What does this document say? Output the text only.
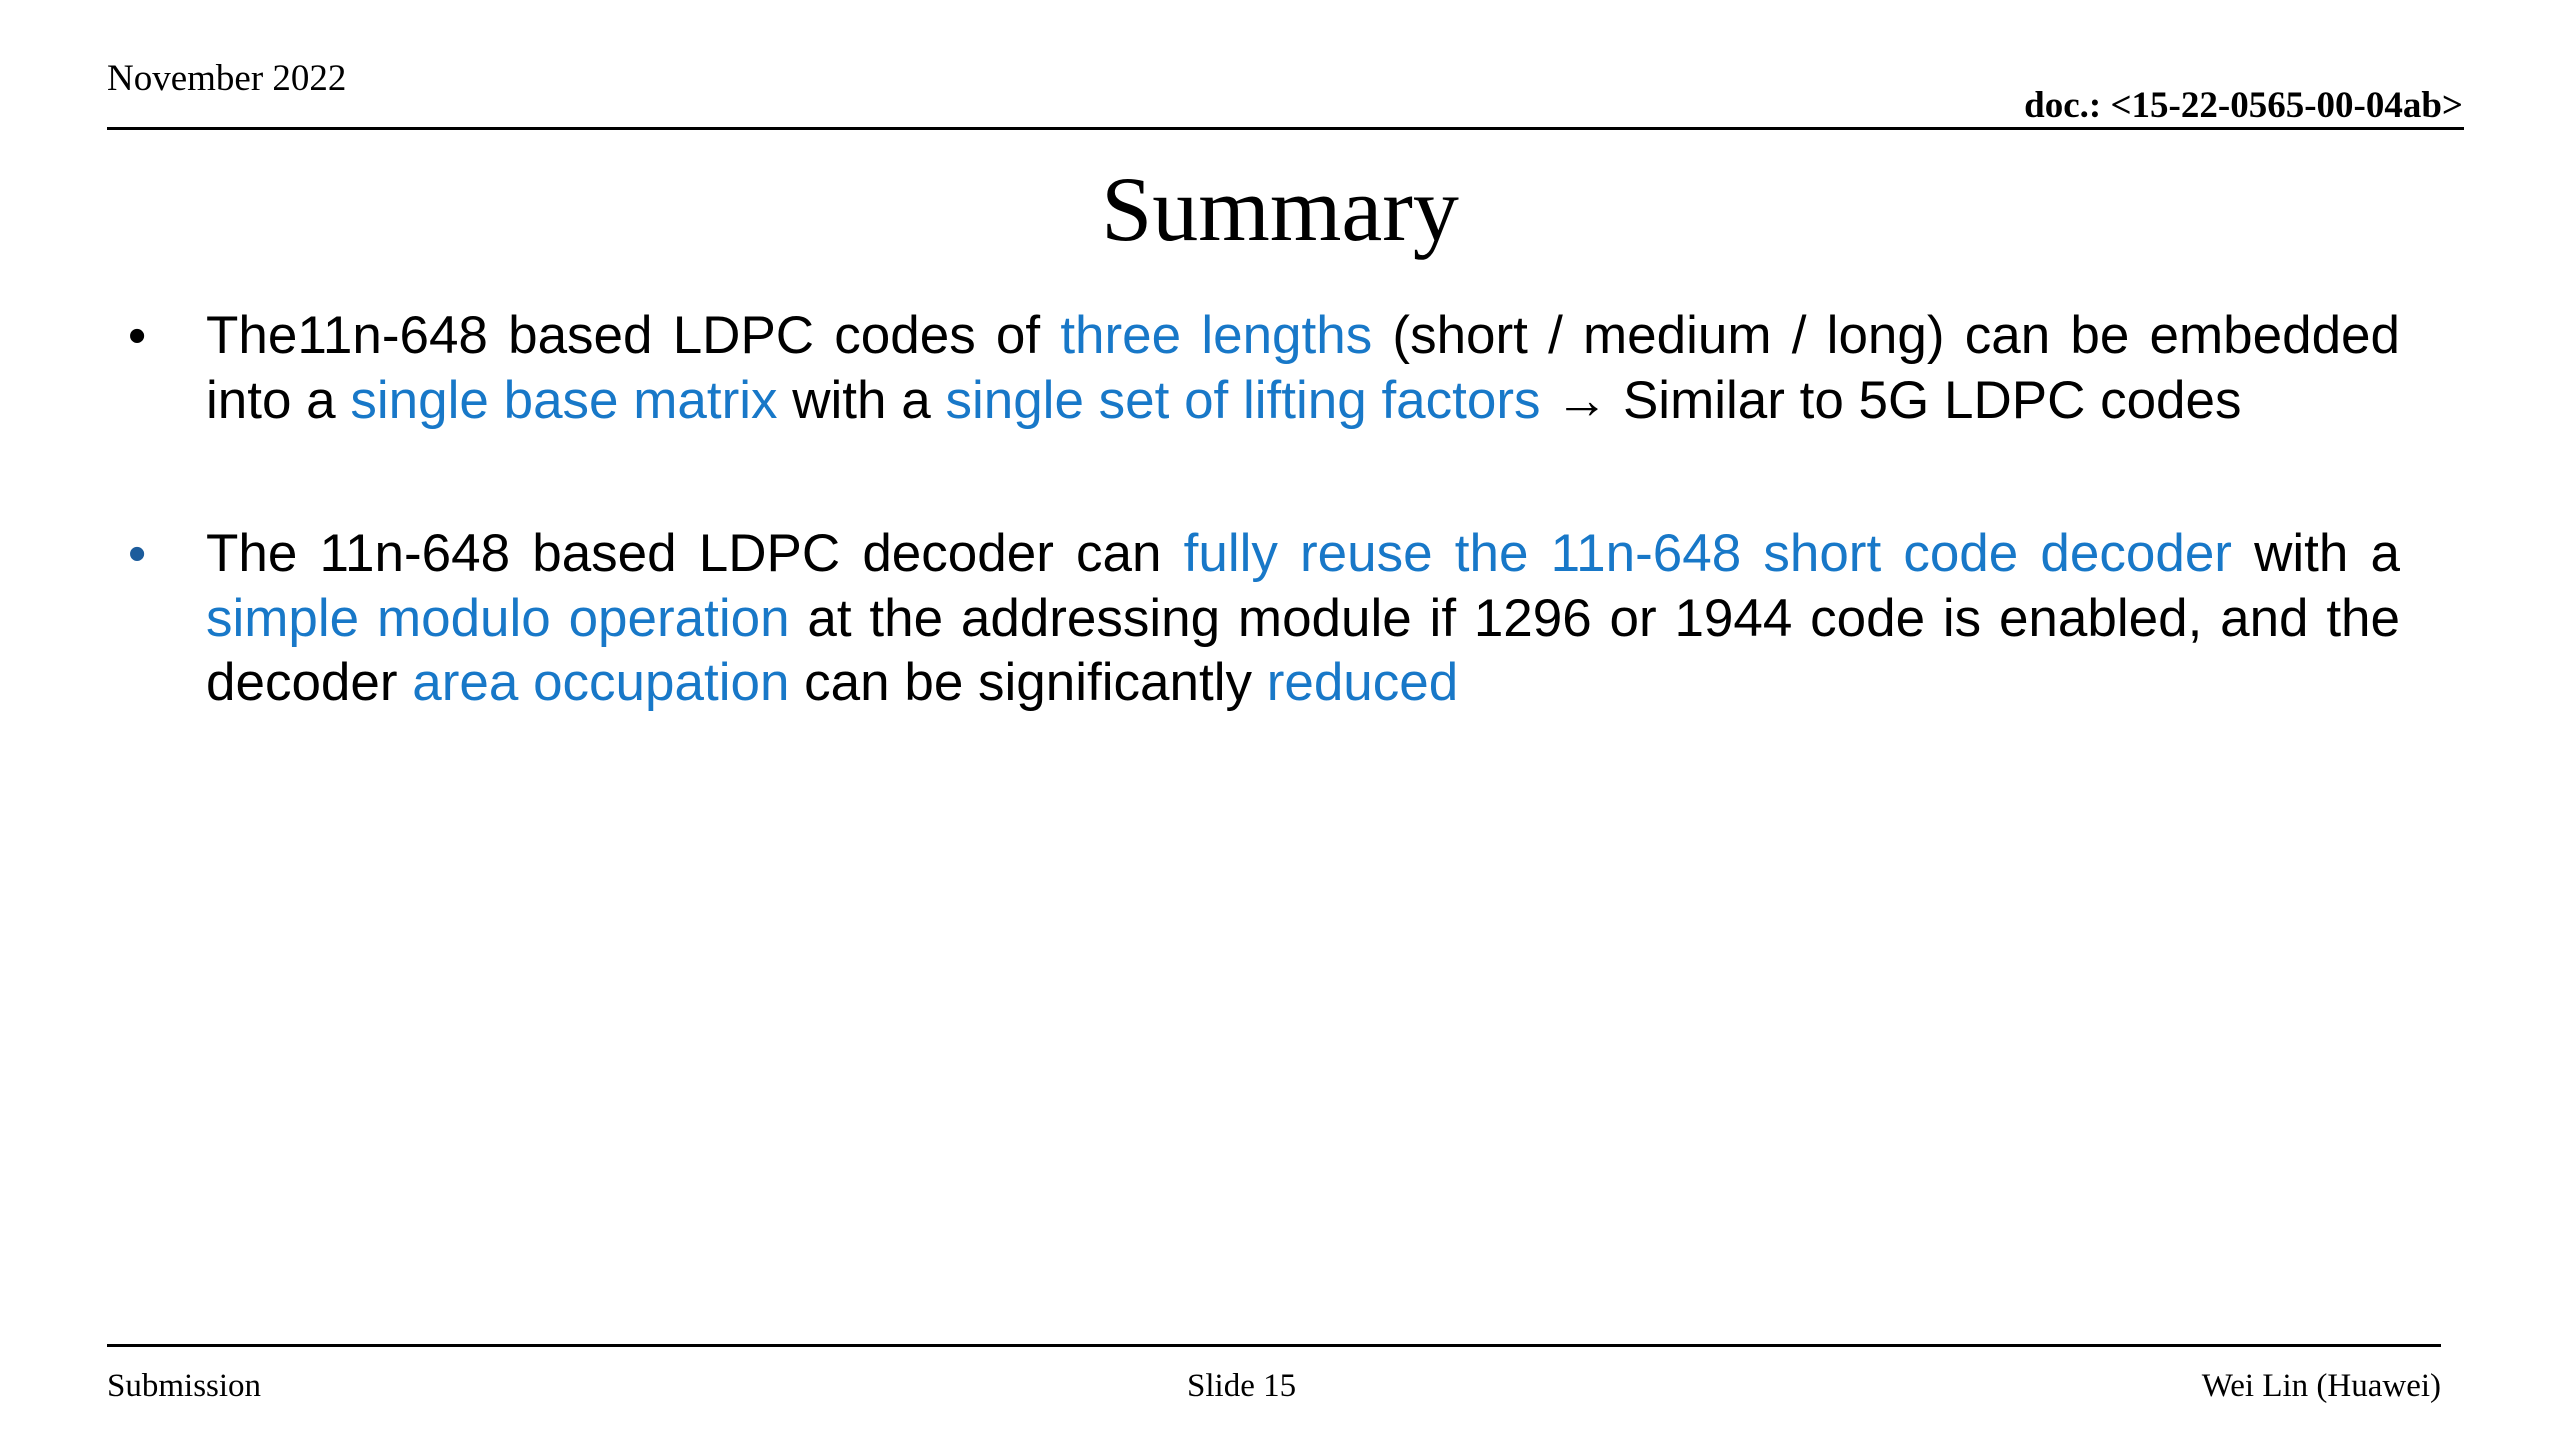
November 2022
doc.: <15-22-0565-00-04ab>
Summary
• The11n-648 based LDPC codes of three lengths (short / medium / long) can be embedded into a single base matrix with a single set of lifting factors → Similar to 5G LDPC codes
• The 11n-648 based LDPC decoder can fully reuse the 11n-648 short code decoder with a simple modulo operation at the addressing module if 1296 or 1944 code is enabled, and the decoder area occupation can be significantly reduced
Submission	Slide 15	Wei Lin (Huawei)
